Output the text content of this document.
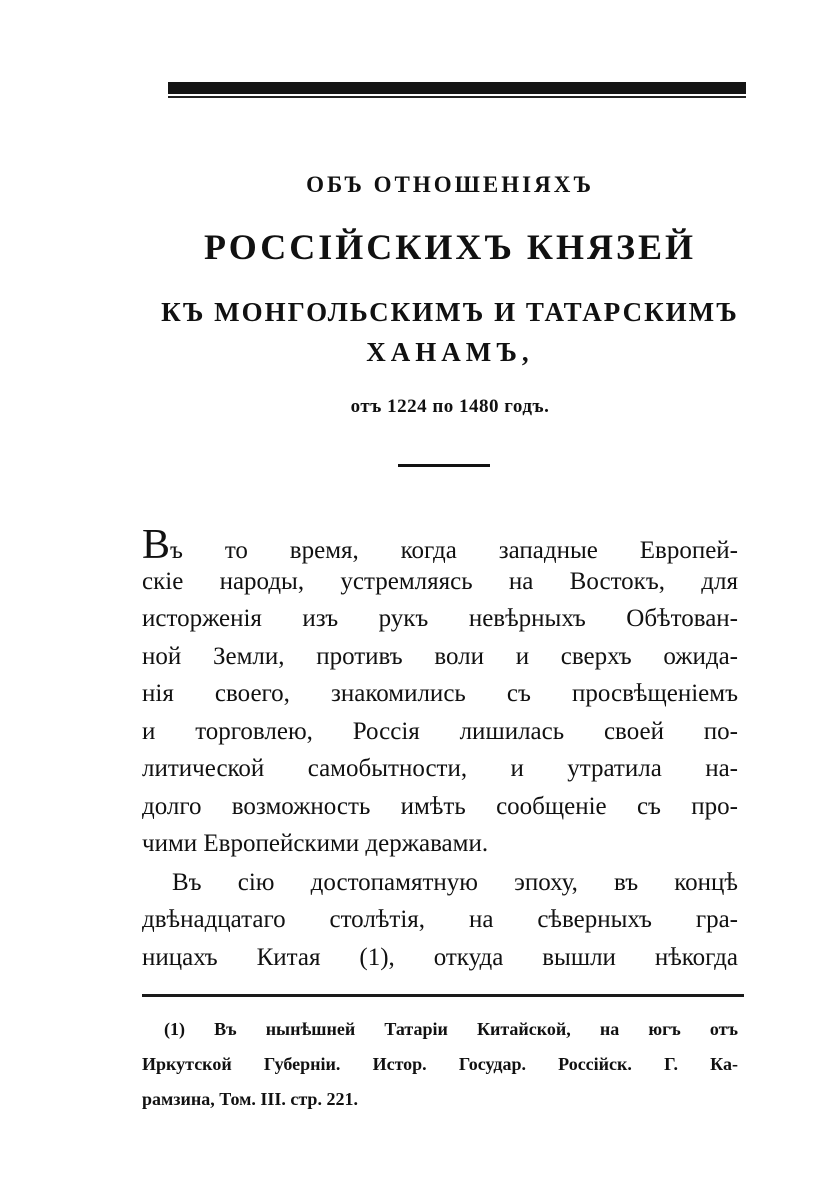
ОБЪ ОТНОШЕНІЯХЪ
РОССІЙСКИХЪ КНЯЗЕЙ
КЪ МОНГОЛЬСКИМЪ И ТАТАРСКИМЪ
ХАНАМЪ,
отъ 1224 по 1480 годъ.
Въ то время, когда западные Европей-
скіе народы, устремляясь на Востокъ, для
исторженія изъ рукъ невѣрныхъ Обѣтован-
ной Земли, противъ воли и сверхъ ожида-
нія своего, знакомились съ просвѣщеніемъ
и торговлею, Россія лишилась своей по-
литической самобытности, и утратила на-
долго возможность имѣть сообщеніе съ про-
чими Европейскими державами.
Въ сію достопамятную эпоху, въ концѣ
двѣнадцатаго столѣтія, на сѣверныхъ гра-
ницахъ Китая (1), откуда вышли нѣкогда
(1) Въ нынѣшней Татаріи Китайской, на югъ отъ
Иркутской Губерніи. Истор. Государ. Россійск. Г. Ка-
рамзина, Том. III. стр. 221.
